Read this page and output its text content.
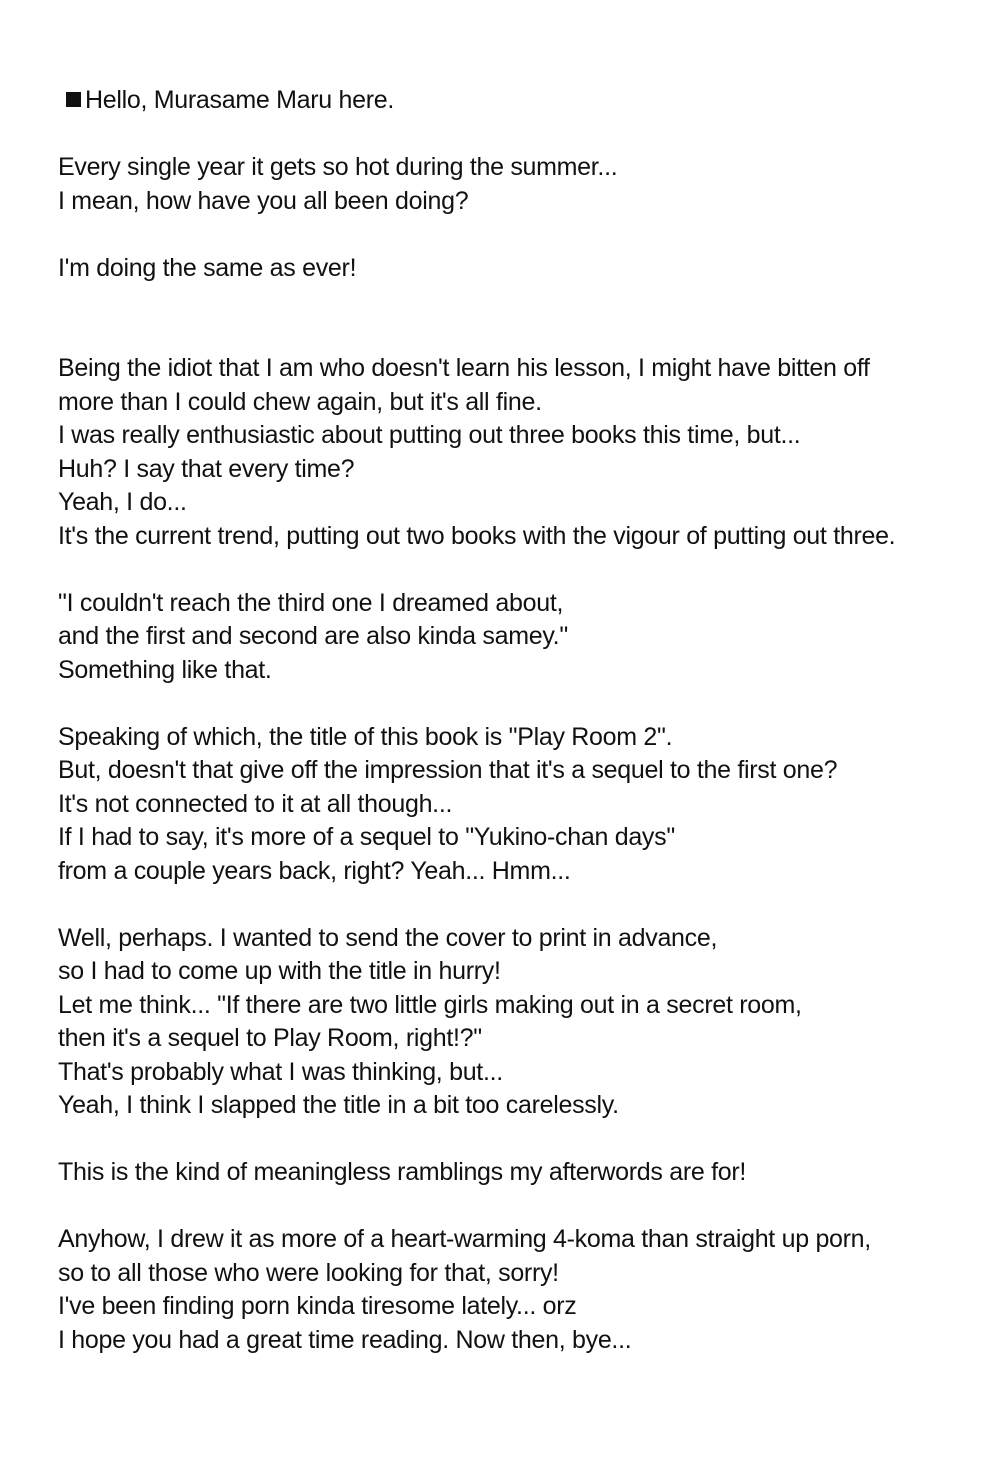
Hello, Murasame Maru here.
Every single year it gets so hot during the summer...
I mean, how have you all been doing?
I'm doing the same as ever!
Being the idiot that I am who doesn't learn his lesson, I might have bitten off
more than I could chew again, but it's all fine.
I was really enthusiastic about putting out three books this time, but...
Huh? I say that every time?
Yeah, I do...
It's the current trend, putting out two books with the vigour of putting out three.
"I couldn't reach the third one I dreamed about,
and the first and second are also kinda samey."
Something like that.
Speaking of which, the title of this book is "Play Room 2".
But, doesn't that give off the impression that it's a sequel to the first one?
It's not connected to it at all though...
If I had to say, it's more of a sequel to "Yukino-chan days"
from a couple years back, right? Yeah... Hmm...
Well, perhaps. I wanted to send the cover to print in advance,
so I had to come up with the title in hurry!
Let me think... "If there are two little girls making out in a secret room,
then it's a sequel to Play Room, right!?"
That's probably what I was thinking, but...
Yeah, I think I slapped the title in a bit too carelessly.
This is the kind of meaningless ramblings my afterwords are for!
Anyhow, I drew it as more of a heart-warming 4-koma than straight up porn,
so to all those who were looking for that, sorry!
I've been finding porn kinda tiresome lately... orz
I hope you had a great time reading. Now then, bye...
